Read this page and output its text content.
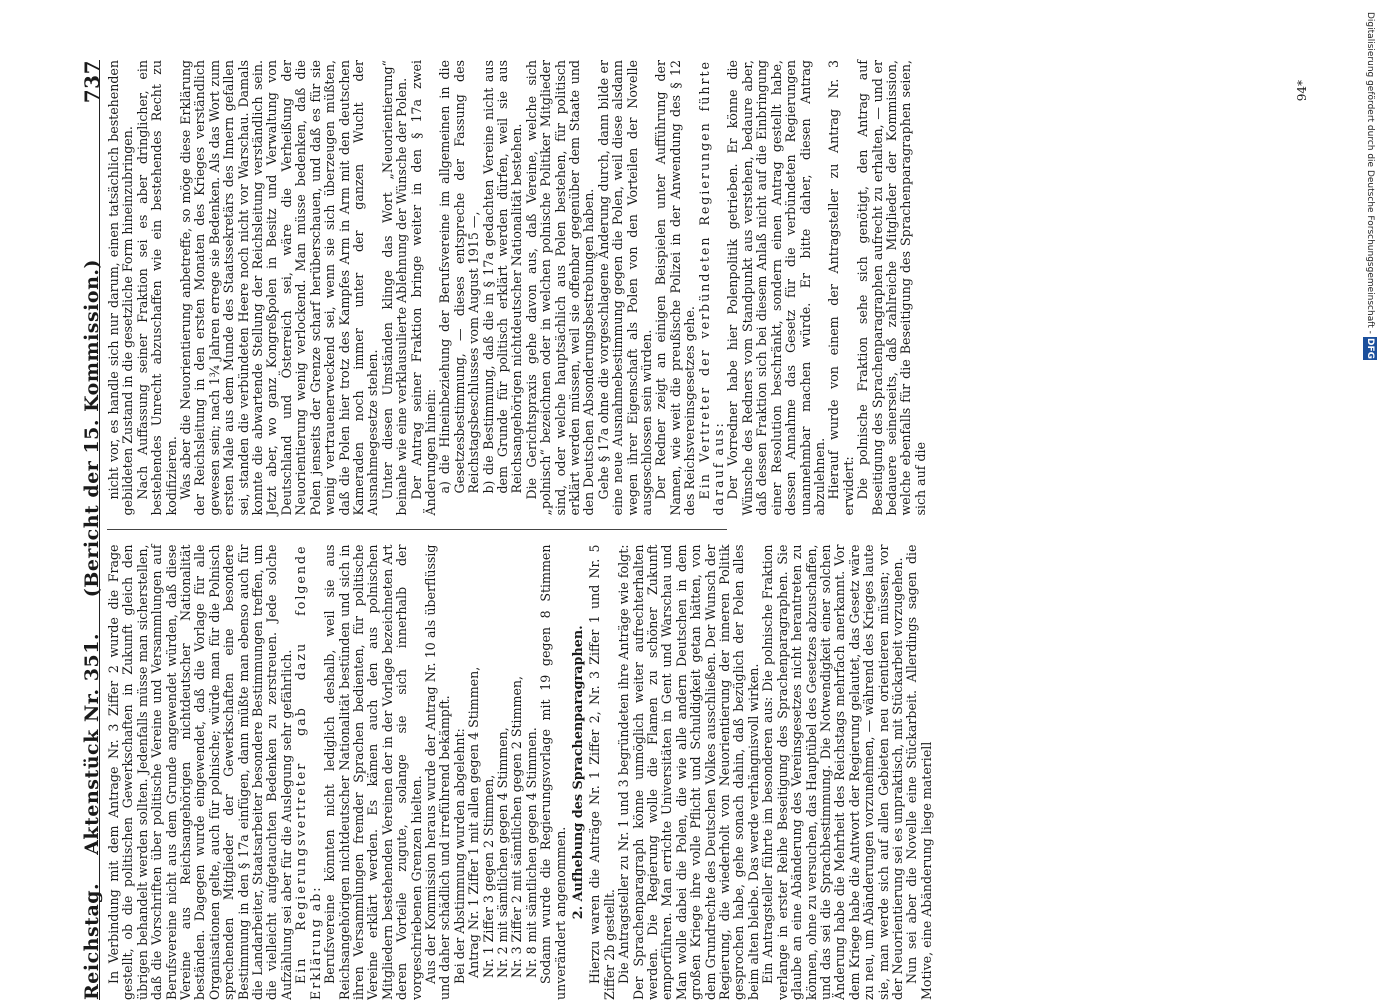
Reichstag.
Aktenstück Nr. 351.
(Bericht der 15. Kommission.)
737

In Verbindung mit dem Antrage Nr. 3 Ziffer 2 wurde die Frage gestellt, ob die politischen Gewerkschaften in Zukunft gleich den übrigen behandelt werden sollten. Jedenfalls müsse man sicherstellen, daß die Vorschriften über politische Vereine und Versammlungen auf Berufsvereine nicht aus dem Grunde angewendet würden, daß diese Vereine aus Reichsangehörigen nichtdeutscher Nationalität beständen. Dagegen wurde eingewendet, daß die Vorlage für alle Organisationen gelte, auch für polnische; würde man für die Polnisch sprechenden Mitglieder der Gewerkschaften eine besondere Bestimmung in den § 17a einfügen, dann müßte man ebenso auch für die Landarbeiter, Staatsarbeiter besondere Bestimmungen treffen, um die vielleicht aufgetauchten Bedenken zu zerstreuen. Jede solche Aufzählung sei aber für die Auslegung sehr gefährlich. Ein Regierungsvertreter gab dazu folgende Erklärung ab: Berufsvereine könnten nicht lediglich deshalb, weil sie aus Reichsangehörigen nichtdeutscher Nationalität bestünden und sich in ihren Versammlungen fremder Sprachen bedienten, für politische Vereine erklärt werden. Es kämen auch den aus polnischen Mitgliedern bestehenden Vereinen der in der Vorlage bezeichneten Art deren Vorteile zugute, solange sie sich innerhalb der vorgeschriebenen Grenzen hielten. Aus der Kommission heraus wurde der Antrag Nr. 10 als überflüssig und daher schädlich und irreführend bekämpft. Bei der Abstimmung wurden abgelehnt: Antrag Nr. 1 Ziffer 1 mit allen gegen 4 Stimmen, Nr. 1 Ziffer 3 gegen 2 Stimmen, Nr. 2 mit sämtlichen gegen 4 Stimmen, Nr. 3 Ziffer 2 mit sämtlichen gegen 2 Stimmen, Nr. 8 mit sämtlichen gegen 4 Stimmen. Sodann wurde die Regierungsvorlage mit 19 gegen 8 Stimmen unverändert angenommen. 2. Aufhebung des Sprachenparagraphen. Hierzu waren die Anträge Nr. 1 Ziffer 2, Nr. 3 Ziffer 1 und Nr. 5 Ziffer 2b gestellt. Die Antragsteller zu Nr. 1 und 3 begründeten ihre Anträge wie folgt: Der Sprachenparagraph könne unmöglich weiter aufrechterhalten werden. Die Regierung wolle die Flamen zu schöner Zukunft emporführen. Man errichte Universitäten in Gent und Warschau und Man wolle dabei die Polen, die wie alle andern Deutschen in dem großen Kriege ihre volle Pflicht und Schuldigkeit getan hätten, von dem Grundrechte des Deutschen Volkes ausschließen. Der Wunsch der Regierung, die wiederholt von Neuorientierung der inneren Politik gesprochen habe, gehe sonach dahin, daß bezüglich der Polen alles beim alten bleibe. Das werde verhängnisvoll wirken. Ein Antragsteller führte im besonderen aus: Die polnische Fraktion verlange in erster Reihe Beseitigung des Sprachenparagraphen. Sie glaube an eine Abänderung des Vereinsgesetzes nicht herantreten zu können, ohne zu versuchen, das Hauptübel des Gesetzes abzuschaffen, und das sei die Sprachbestimmung. Die Notwendigkeit einer solchen Änderung habe die Mehrheit des Reichstags mehrfach anerkannt. Vor dem Kriege habe die Antwort der Regierung gelautet, das Gesetz wäre zu neu, um Abänderungen vorzunehmen, — während des Krieges laute sie, man werde sich auf allen Gebieten neu orientieren müssen; vor der Neuorientierung sei es unpraktisch, mit Stückarbeit vorzugehen. Nun sei aber die Novelle eine Stückarbeit. Allerdings sagen die Motive, eine Abänderung liege materiell

nicht vor, es handle sich nur darum, einen tatsächlich bestehenden gebildeten Zustand in die gesetzliche Form hineinzubringen. Nach Auffassung seiner Fraktion sei es aber dringlicher, ein bestehendes Unrecht abzuschaffen wie ein bestehendes Recht zu kodifizieren. Was aber die Neuorientierung anbetreffe, so möge diese Erklärung der Reichsleitung in den ersten Monaten des Krieges verständlich gewesen sein; nach 1¾ Jahren errege sie Bedenken. Als das Wort zum ersten Male aus dem Munde des Staatssekretärs des Innern gefallen sei, standen die verbündeten Heere noch nicht vor Warschau. Damals konnte die abwartende Stellung der Reichsleitung verständlich sein. Jetzt aber, wo ganz Kongreßpolen in Besitz und Verwaltung von Deutschland und Österreich sei, wäre die Verheißung der Neuorientierung wenig verlockend. Man müsse bedenken, daß die Polen jenseits der Grenze scharf herüberschauen, und daß es für sie wenig vertrauenerweckend sei, wenn sie sich überzeugen müßten, daß die Polen hier trotz des Kampfes Arm in Arm mit den deutschen Kameraden noch immer unter der ganzen Wucht der Ausnahmegesetze stehen. Unter diesen Umständen klinge das Wort „Neuorientierung“ beinahe wie eine verklausulierte Ablehnung der Wünsche der Polen. Der Antrag seiner Fraktion bringe weiter in den § 17a zwei Änderungen hinein: a) die Hineinbeziehung der Berufsvereine im allgemeinen in die Gesetzesbestimmung, — dieses entspreche der Fassung des Reichstagsbeschlusses vom August 1915 —, b) die Bestimmung, daß die in § 17a gedachten Vereine nicht aus dem Grunde für politisch erklärt werden dürfen, weil sie aus Reichsangehörigen nichtdeutscher Nationalität bestehen. Die Gerichtspraxis gehe davon aus, daß Vereine, welche sich „polnisch“ bezeichnen oder in welchen polnische Politiker Mitglieder sind, oder welche hauptsächlich aus Polen bestehen, für politisch erklärt werden müssen, weil sie offenbar gegenüber dem Staate und den Deutschen Absonderungsbestrebungen haben. Gehe § 17a ohne die vorgeschlagene Änderung durch, dann bilde er eine neue Ausnahmebestimmung gegen die Polen, weil diese alsdann wegen ihrer Eigenschaft als Polen von den Vorteilen der Novelle ausgeschlossen sein würden. Der Redner zeigt an einigen Beispielen unter Aufführung der Namen, wie weit die preußische Polizei in der Anwendung des § 12 des Reichsvereinsgesetzes gehe. Ein Vertreter der verbündeten Regierungen führte darauf aus: Der Vorredner habe hier Polenpolitik getrieben. Er könne die Wünsche des Redners vom Standpunkt aus verstehen, bedaure aber, daß dessen Fraktion sich bei diesem Anlaß nicht auf die Einbringung einer Resolution beschränkt, sondern einen Antrag gestellt habe, dessen Annahme das Gesetz für die verbündeten Regierungen unannehmbar machen würde. Er bitte daher, diesen Antrag abzulehnen. Hierauf wurde von einem der Antragsteller zu Antrag Nr. 3 erwidert: Die polnische Fraktion sehe sich genötigt, den Antrag auf Beseitigung des Sprachenparagraphen aufrecht zu erhalten, — und er bedauere seinerseits, daß zahlreiche Mitglieder der Kommission, welche ebenfalls für die Beseitigung des Sprachenparagraphen seien, sich auf die

94*	Digitalisierung gefördert durch die Deutsche Forschungsgemeinschaft - DFG
